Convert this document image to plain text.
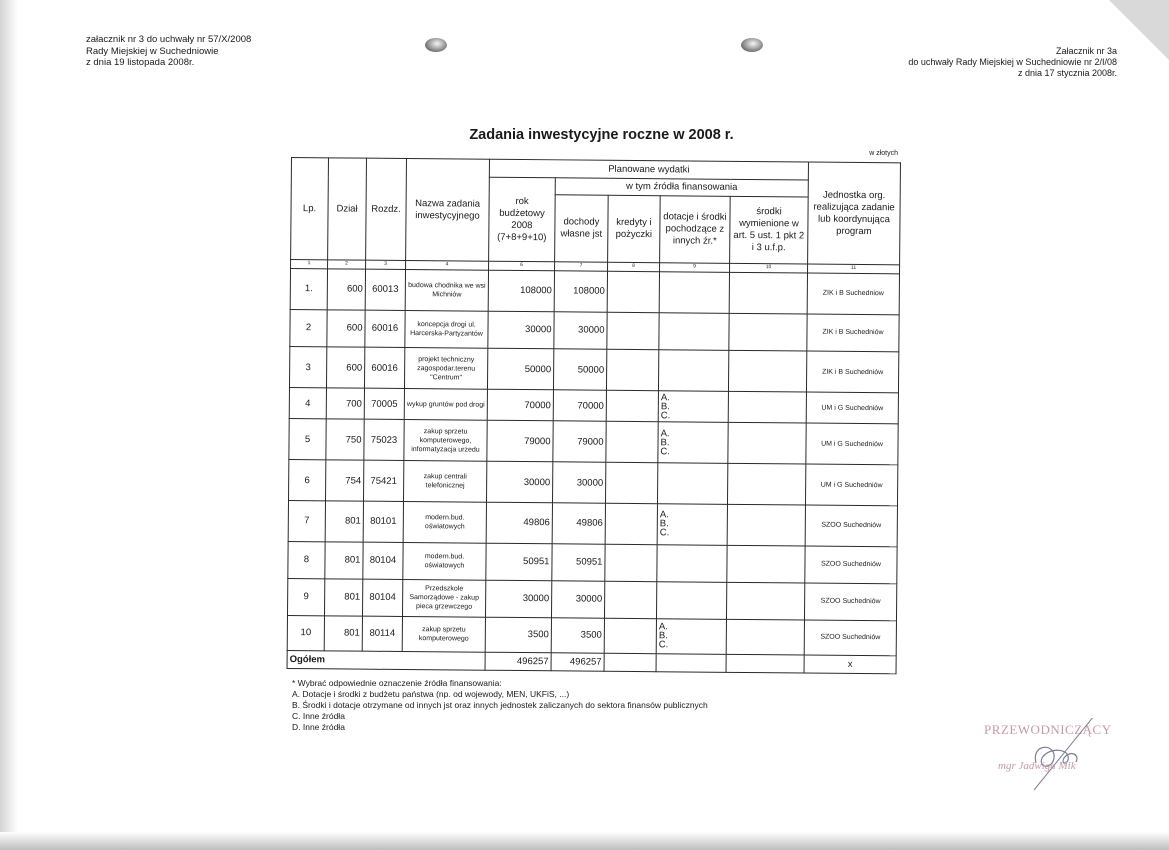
załacznik nr 3 do uchwały nr 57/X/2008
Rady Miejskiej w Suchedniowie
z dnia 19 listopada 2008r.
Załacznik nr 3a
do uchwały Rady Miejskiej w Suchedniowie nr 2/I/08
z dnia 17 stycznia 2008r.
Zadania inwestycyjne roczne w 2008 r.
w złotych
Lp.	Dział	Rozdz.	Nazwa zadania inwestycyjnego	Planowane wydatki					Jednostka org. realizująca zadanie lub koordynująca program
				rok budżetowy 2008 (7+8+9+10)	w tym źródła finansowania				
					dochody własne jst	kredyty i pożyczki	dotacje i środki pochodzące z innych źr.*	środki wymienione w art. 5 ust. 1 pkt 2 i 3 u.f.p.	
1	2	3	4	6	7	8	9	10	11
1.	600	60013	budowa chodnika we wsi Michniów	108000	108000				ZIK i B Suchedniow
2	600	60016	koncepcja drogi ul. Harcerska-Partyzantów	30000	30000				ZIK i B Suchedniów
3	600	60016	projekt techniczny zagospodar.terenu "Centrum"	50000	50000				ZIK i B Suchedniów
4	700	70005	wykup gruntów pod drogi	70000	70000		A.
B.
C.		UM i G Suchedniów
5	750	75023	zakup sprzetu komputerowego, informatyzacja urzedu	79000	79000		A.
B.
C.		UM i G Suchedniów
6	754	75421	zakup centrali telefonicznej	30000	30000				UM i G Suchedniów
7	801	80101	modern.bud. oświatowych	49806	49806		A.
B.
C.		SZOO Suchedniów
8	801	80104	modern.bud. oświatowych	50951	50951				SZOO Suchedniów
9	801	80104	Przedszkole Samorządowe - zakup pieca grzewczego	30000	30000				SZOO Suchedniów
10	801	80114	zakup sprzetu komputerowego	3500	3500		A.
B.
C.		SZOO Suchedniów
Ogółem				496257	496257				x
* Wybrać odpowiednie oznaczenie źródła finansowania:
A. Dotacje i środki z budżetu państwa (np. od wojewody, MEN, UKFiS, ...)
B. Środki i dotacje otrzymane od innych jst oraz innych jednostek zaliczanych do sektora finansów publicznych
C. Inne źródła
D. Inne źródła	PRZEWODNICZĄCY
mgr Jadwiga Mik
